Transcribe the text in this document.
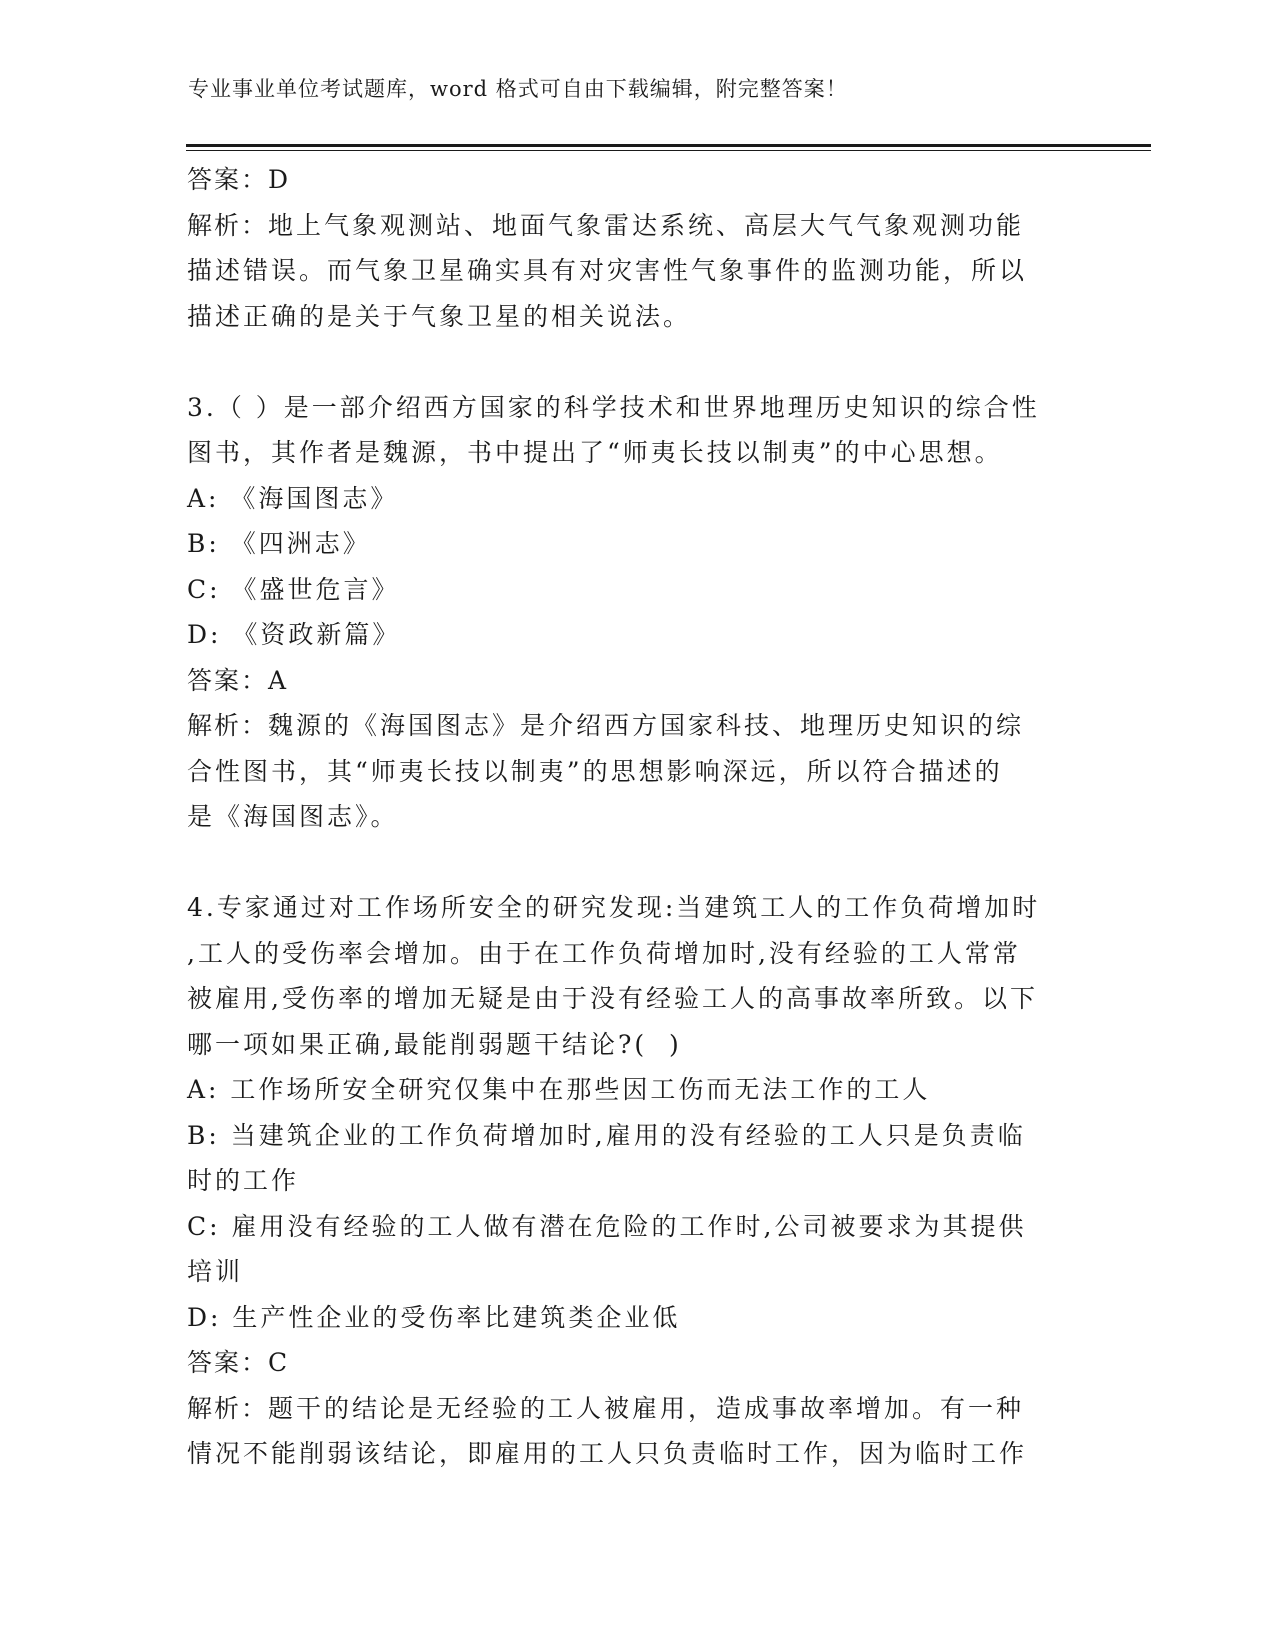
专业事业单位考试题库，word 格式可自由下载编辑，附完整答案！

答案：D

解析：地上气象观测站、地面气象雷达系统、高层大气气象观测功能

描述错误。而气象卫星确实具有对灾害性气象事件的监测功能，所以

描述正确的是关于气象卫星的相关说法。

3.（ ）是一部介绍西方国家的科学技术和世界地理历史知识的综合性

图书，其作者是魏源，书中提出了“师夷长技以制夷”的中心思想。

A: 《海国图志》

B: 《四洲志》

C: 《盛世危言》

D: 《资政新篇》

答案：A

解析：魏源的《海国图志》是介绍西方国家科技、地理历史知识的综

合性图书，其“师夷长技以制夷”的思想影响深远，所以符合描述的

是《海国图志》。

4.专家通过对工作场所安全的研究发现:当建筑工人的工作负荷增加时

,工人的受伤率会增加。由于在工作负荷增加时,没有经验的工人常常

被雇用,受伤率的增加无疑是由于没有经验工人的高事故率所致。以下

哪一项如果正确,最能削弱题干结论?(  )

A: 工作场所安全研究仅集中在那些因工伤而无法工作的工人

B: 当建筑企业的工作负荷增加时,雇用的没有经验的工人只是负责临

时的工作

C: 雇用没有经验的工人做有潜在危险的工作时,公司被要求为其提供

培训

D: 生产性企业的受伤率比建筑类企业低

答案：C

解析：题干的结论是无经验的工人被雇用，造成事故率增加。有一种

情况不能削弱该结论，即雇用的工人只负责临时工作，因为临时工作
